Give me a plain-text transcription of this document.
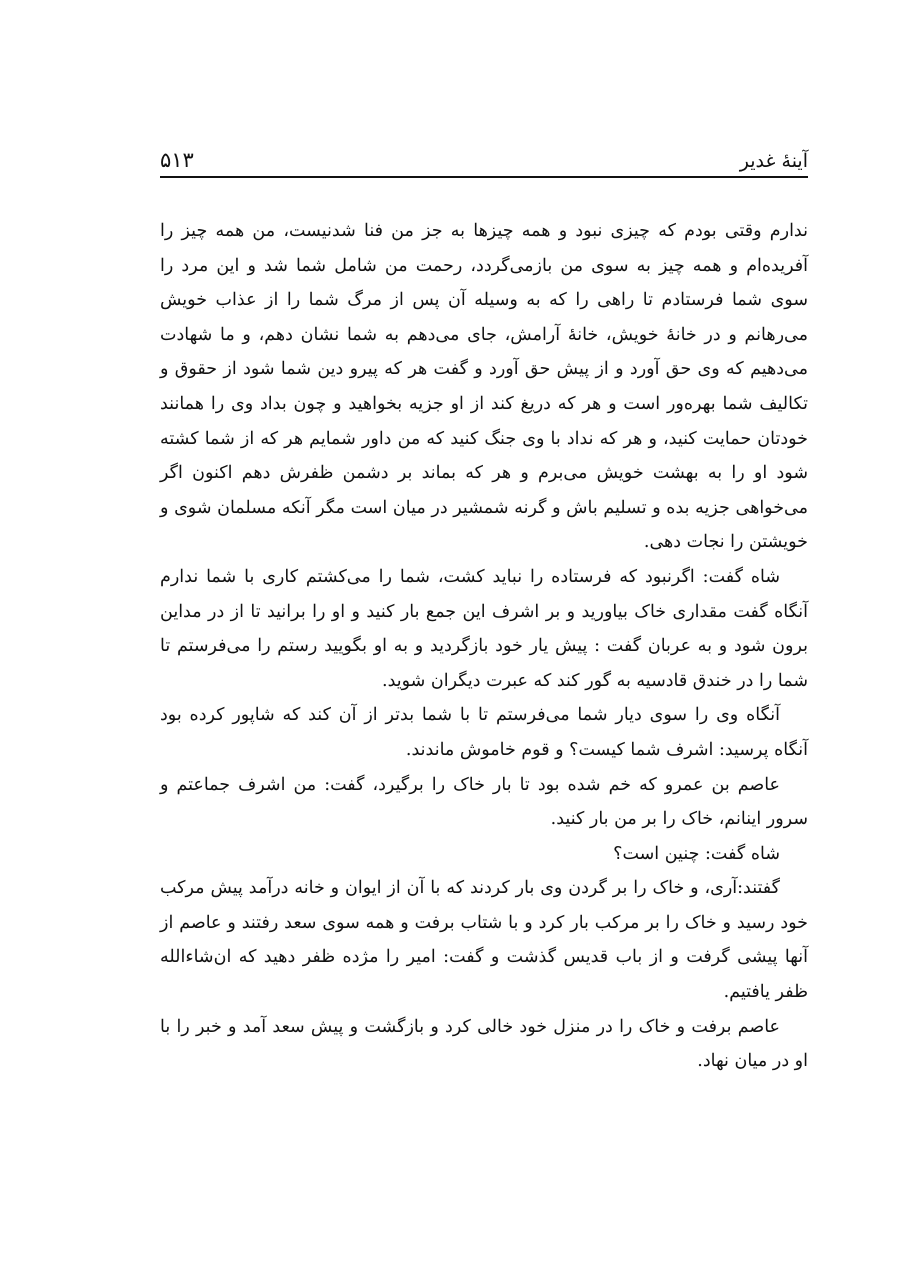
آینۀ غدیر
۵۱۳

ندارم وقتی بودم که چیزی نبود و همه چیزها به جز من فنا شدنیست، من همه چیز را آفریده‌ام و همه چیز به سوی من بازمی‌گردد، رحمت من شامل شما شد و این مرد را سوی شما فرستادم تا راهی را که به وسیله آن پس از مرگ شما را از عذاب خویش می‌رهانم و در خانۀ خویش، خانۀ آرامش، جای می‌دهم به شما نشان دهم، و ما شهادت می‌دهیم که وی حق آورد و از پیش حق آورد و گفت هر که پیرو دین شما شود از حقوق و تکالیف شما بهره‌ور است و هر که دریغ کند از او جزیه بخواهید و چون بداد وی را همانند خودتان حمایت کنید، و هر که نداد با وی جنگ کنید که من داور شمایم هر که از شما کشته شود او را به بهشت خویش می‌برم و هر که بماند بر دشمن ظفرش دهم اکنون اگر می‌خواهی جزیه بده و تسلیم باش و گرنه شمشیر در میان است مگر آنکه مسلمان شوی و خویشتن را نجات دهی.

شاه گفت: اگرنبود که فرستاده را نباید کشت، شما را می‌کشتم کاری با شما ندارم آنگاه گفت مقداری خاک بیاورید و بر اشرف این جمع بار کنید و او را برانید تا از در مداین برون شود و به عربان گفت : پیش یار خود بازگردید و به او بگویید رستم را می‌فرستم تا شما را در خندق قادسیه به گور کند که عبرت دیگران شوید.

آنگاه وی را سوی دیار شما می‌فرستم تا با شما بدتر از آن کند که شاپور کرده بود آنگاه پرسید: اشرف شما کیست؟ و قوم خاموش ماندند.

عاصم بن عمرو که خم شده بود تا بار خاک را برگیرد، گفت: من اشرف جماعتم و سرور اینانم، خاک را بر من بار کنید.

شاه گفت: چنین است؟

گفتند:آری، و خاک را بر گردن وی بار کردند که با آن از ایوان و خانه درآمد پیش مرکب خود رسید و خاک را بر مرکب بار کرد و با شتاب برفت و همه سوی سعد رفتند و عاصم از آنها پیشی گرفت و از باب قدیس گذشت و گفت: امیر را مژده ظفر دهید که ان‌شاءالله ظفر یافتیم.

عاصم برفت و خاک را در منزل خود خالی کرد و بازگشت و پیش سعد آمد و خبر را با او در میان نهاد.
